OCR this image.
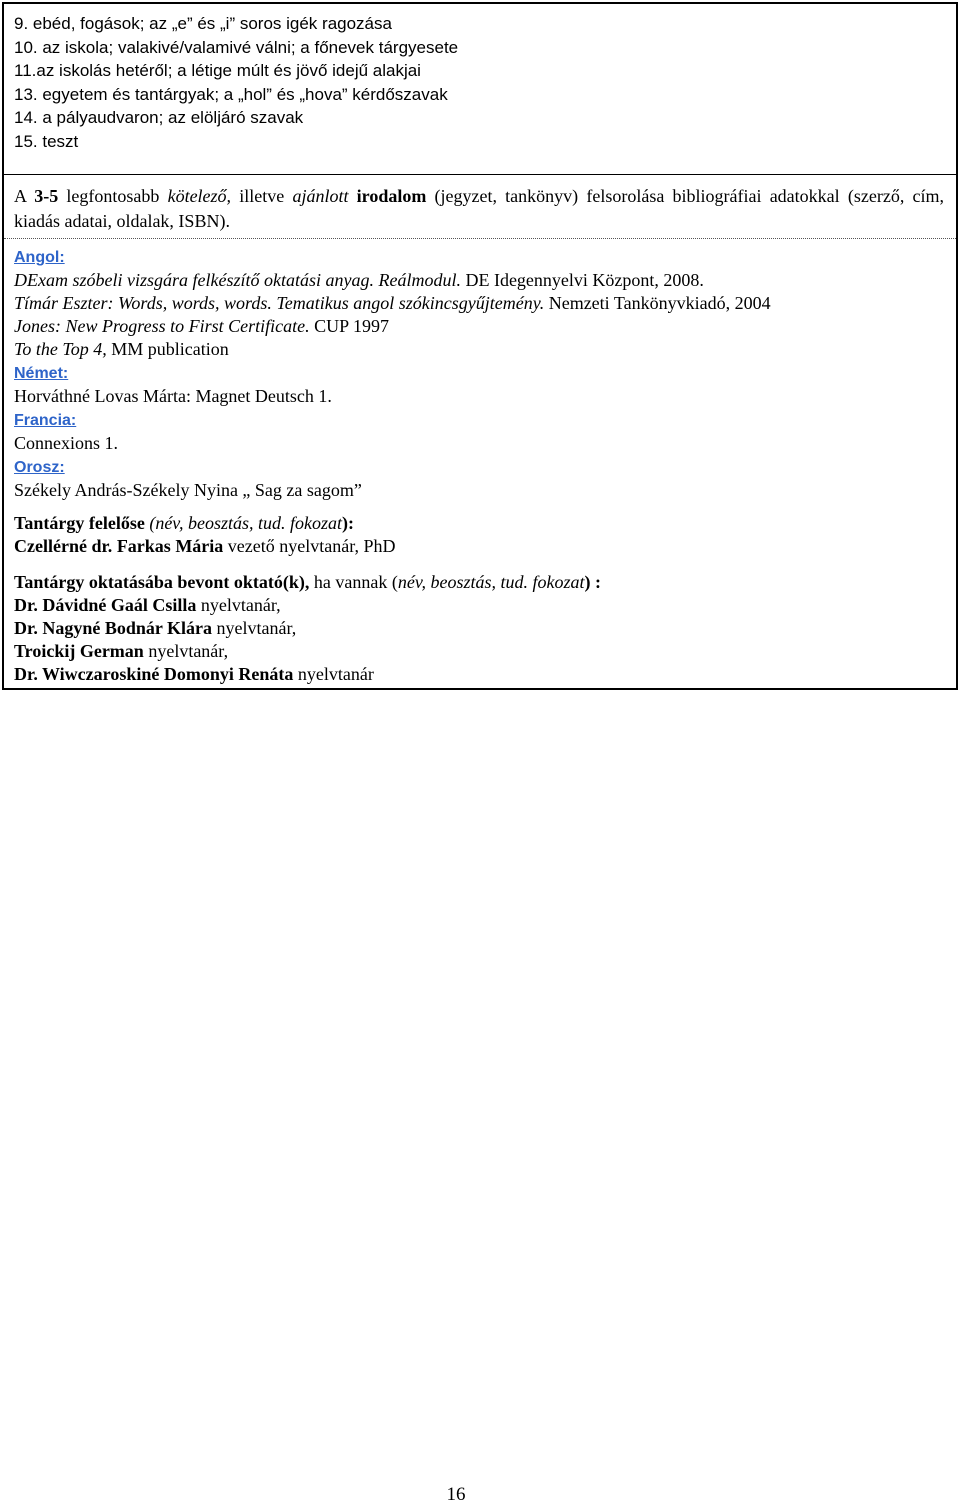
9. ebéd, fogások; az „e” és „i” soros igék ragozása
10. az iskola; valakivé/valamivé válni; a főnevek tárgyesete
11.az iskolás hetéről; a létige múlt és jövő idejű alakjai
13. egyetem és tantárgyak; a „hol” és „hova” kérdőszavak
14. a pályaudvaron; az elöljáró szavak
15. teszt
A 3-5 legfontosabb kötelező, illetve ajánlott irodalom (jegyzet, tankönyv) felsorolása bibliográfiai adatokkal (szerző, cím, kiadás adatai, oldalak, ISBN).
Angol:
DExam szóbeli vizsgára felkészítő oktatási anyag. Reálmodul. DE Idegennyelvi Központ, 2008.
Tímár Eszter: Words, words, words. Tematikus angol szókincsgyűjtemény. Nemzeti Tankönyvkiadó, 2004
Jones: New Progress to First Certificate. CUP 1997
To the Top 4, MM publication
Német:
Horváthné Lovas Márta: Magnet Deutsch 1.
Francia:
Connexions 1.
Orosz:
Székely András-Székely Nyina „ Sag za sagom”
Tantárgy felelőse (név, beosztás, tud. fokozat):
Czellérné dr. Farkas Mária vezető nyelvtanár, PhD
Tantárgy oktatásába bevont oktató(k), ha vannak (név, beosztás, tud. fokozat) :
Dr. Dávidné Gaál Csilla nyelvtanár,
Dr. Nagyné Bodnár Klára nyelvtanár,
Troickij German nyelvtanár,
Dr. Wiwczaroskiné Domonyi Renáta nyelvtanár
16
